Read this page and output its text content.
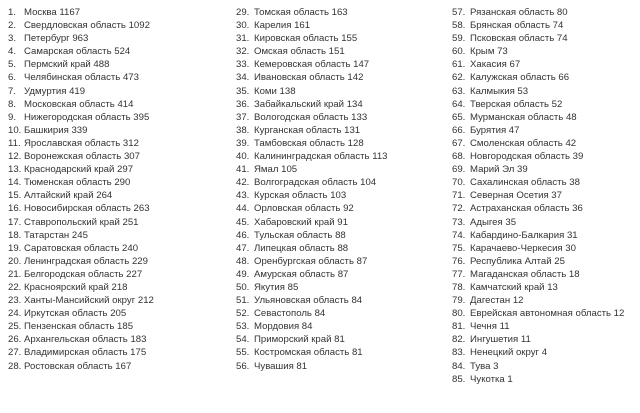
1. Москва 1167
2. Свердловская область 1092
3. Петербург 963
4. Самарская область 524
5. Пермский край 488
6. Челябинская область 473
7. Удмуртия 419
8. Московская область 414
9. Нижегородская область 395
10. Башкирия 339
11. Ярославская область 312
12. Воронежская область 307
13. Краснодарский край 297
14. Тюменская область 290
15. Алтайский край 264
16. Новосибирская область 263
17. Ставропольский край 251
18. Татарстан 245
19. Саратовская область 240
20. Ленинградская область 229
21. Белгородская область 227
22. Красноярский край 218
23. Ханты-Мансийский округ 212
24. Иркутская область 205
25. Пензенская область 185
26. Архангельская область 183
27. Владимирская область 175
28. Ростовская область 167
29. Томская область 163
30. Карелия 161
31. Кировская область 155
32. Омская область 151
33. Кемеровская область 147
34. Ивановская область 142
35. Коми 138
36. Забайкальский край 134
37. Вологодская область 133
38. Курганская область 131
39. Тамбовская область 128
40. Калининградская область 113
41. Ямал 105
42. Волгоградская область 104
43. Курская область 103
44. Орловская область 92
45. Хабаровский край 91
46. Тульская область 88
47. Липецкая область 88
48. Оренбургская область 87
49. Амурская область 87
50. Якутия 85
51. Ульяновская область 84
52. Севастополь 84
53. Мордовия 84
54. Приморский край 81
55. Костромская область 81
56. Чувашия 81
57. Рязанская область 80
58. Брянская область 74
59. Псковская область 74
60. Крым 73
61. Хакасия 67
62. Калужская область 66
63. Калмыкия 53
64. Тверская область 52
65. Мурманская область 48
66. Бурятия 47
67. Смоленская область 42
68. Новгородская область 39
69. Марий Эл 39
70. Сахалинская область 38
71. Северная Осетия 37
72. Астраханская область 36
73. Адыгея 35
74. Кабардино-Балкария 31
75. Карачаево-Черкесия 30
76. Республика Алтай 25
77. Магаданская область 18
78. Камчатский край 13
79. Дагестан 12
80. Еврейская автономная область 12
81. Чечня 11
82. Ингушетия 11
83. Ненецкий округ 4
84. Тува 3
85. Чукотка 1
